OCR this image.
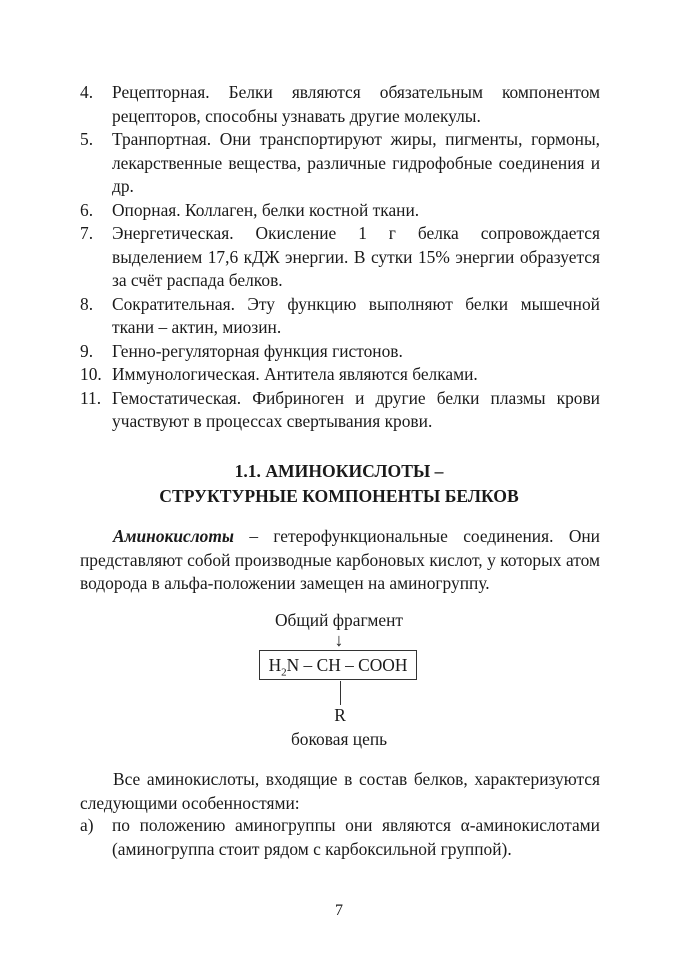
4.	Рецепторная. Белки являются обязательным компонентом рецепторов, способны узнавать другие молекулы.
5.	Транпортная. Они транспортируют жиры, пигменты, гормоны, лекарственные вещества, различные гидрофобные соединения и др.
6.	Опорная. Коллаген, белки костной ткани.
7.	Энергетическая. Окисление 1 г белка сопровождается выделением 17,6 кДЖ энергии. В сутки 15% энергии образуется за счёт распада белков.
8.	Сократительная. Эту функцию выполняют белки мышечной ткани – актин, миозин.
9.	Генно-регуляторная функция гистонов.
10. Иммунологическая. Антитела являются белками.
11. Гемостатическая. Фибриноген и другие белки плазмы крови участвуют в процессах свертывания крови.
1.1. АМИНОКИСЛОТЫ –
СТРУКТУРНЫЕ КОМПОНЕНТЫ БЕЛКОВ

Аминокислоты – гетерофункциональные соединения. Они представляют собой производные карбоновых кислот, у которых атом водорода в альфа-положении замещен на аминогруппу.

Общий фрагмент
↓
$H_2N$ – CH – COOH
R
боковая цепь

Все аминокислоты, входящие в состав белков, характеризуются следующими особенностями:

а)	по положению аминогруппы они являются α-аминокислотами (аминогруппа стоит рядом с карбоксильной группой).
7
